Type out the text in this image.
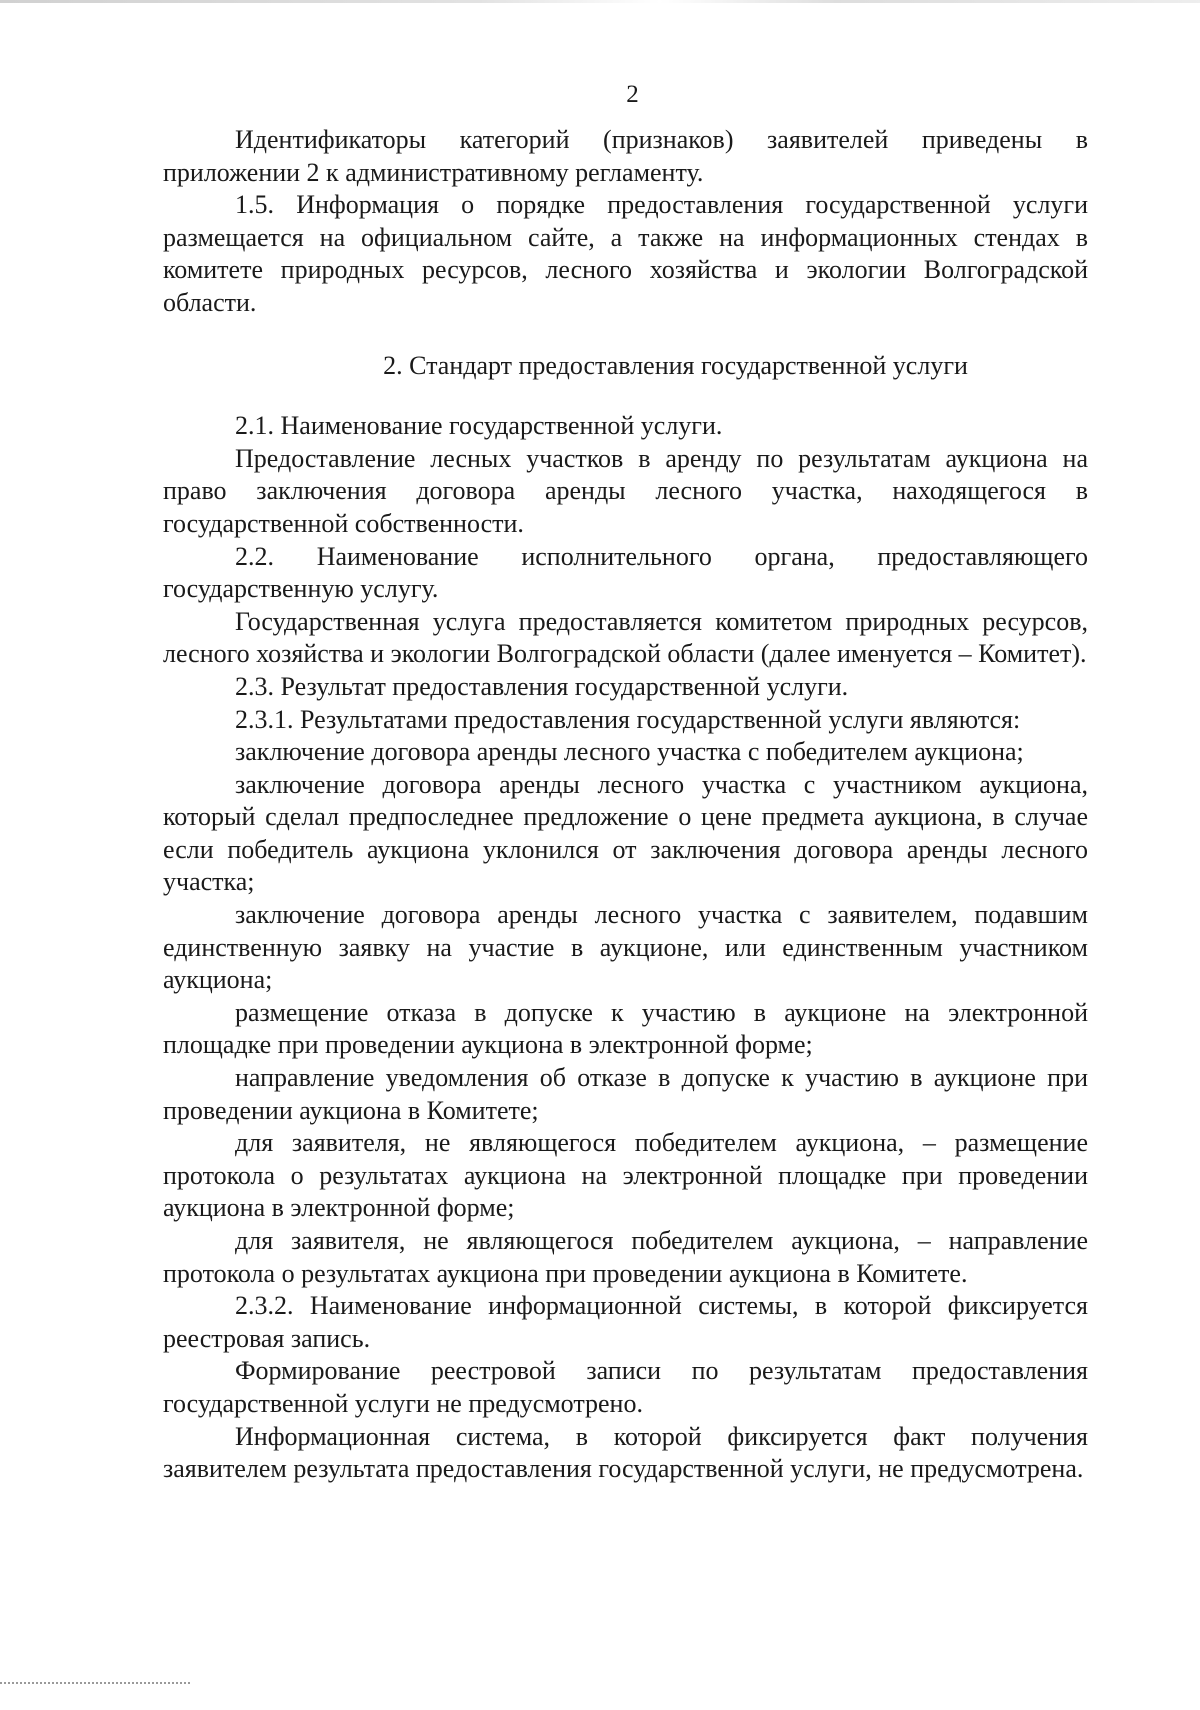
2

Идентификаторы категорий (признаков) заявителей приведены в приложении 2 к административному регламенту.

1.5. Информация о порядке предоставления государственной услуги размещается на официальном сайте, а также на информационных стендах в комитете природных ресурсов, лесного хозяйства и экологии Волгоградской области.

2. Стандарт предоставления государственной услуги

2.1. Наименование государственной услуги.

Предоставление лесных участков в аренду по результатам аукциона на право заключения договора аренды лесного участка, находящегося в государственной собственности.

2.2. Наименование исполнительного органа, предоставляющего государственную услугу.

Государственная услуга предоставляется комитетом природных ресурсов, лесного хозяйства и экологии Волгоградской области (далее именуется – Комитет).

2.3. Результат предоставления государственной услуги.

2.3.1. Результатами предоставления государственной услуги являются:

заключение договора аренды лесного участка с победителем аукциона;

заключение договора аренды лесного участка с участником аукциона, который сделал предпоследнее предложение о цене предмета аукциона, в случае если победитель аукциона уклонился от заключения договора аренды лесного участка;

заключение договора аренды лесного участка с заявителем, подавшим единственную заявку на участие в аукционе, или единственным участником аукциона;

размещение отказа в допуске к участию в аукционе на электронной площадке при проведении аукциона в электронной форме;

направление уведомления об отказе в допуске к участию в аукционе при проведении аукциона в Комитете;

для заявителя, не являющегося победителем аукциона, – размещение протокола о результатах аукциона на электронной площадке при проведении аукциона в электронной форме;

для заявителя, не являющегося победителем аукциона, – направление протокола о результатах аукциона при проведении аукциона в Комитете.

2.3.2. Наименование информационной системы, в которой фиксируется реестровая запись.

Формирование реестровой записи по результатам предоставления государственной услуги не предусмотрено.

Информационная система, в которой фиксируется факт получения заявителем результата предоставления государственной услуги, не предусмотрена.
